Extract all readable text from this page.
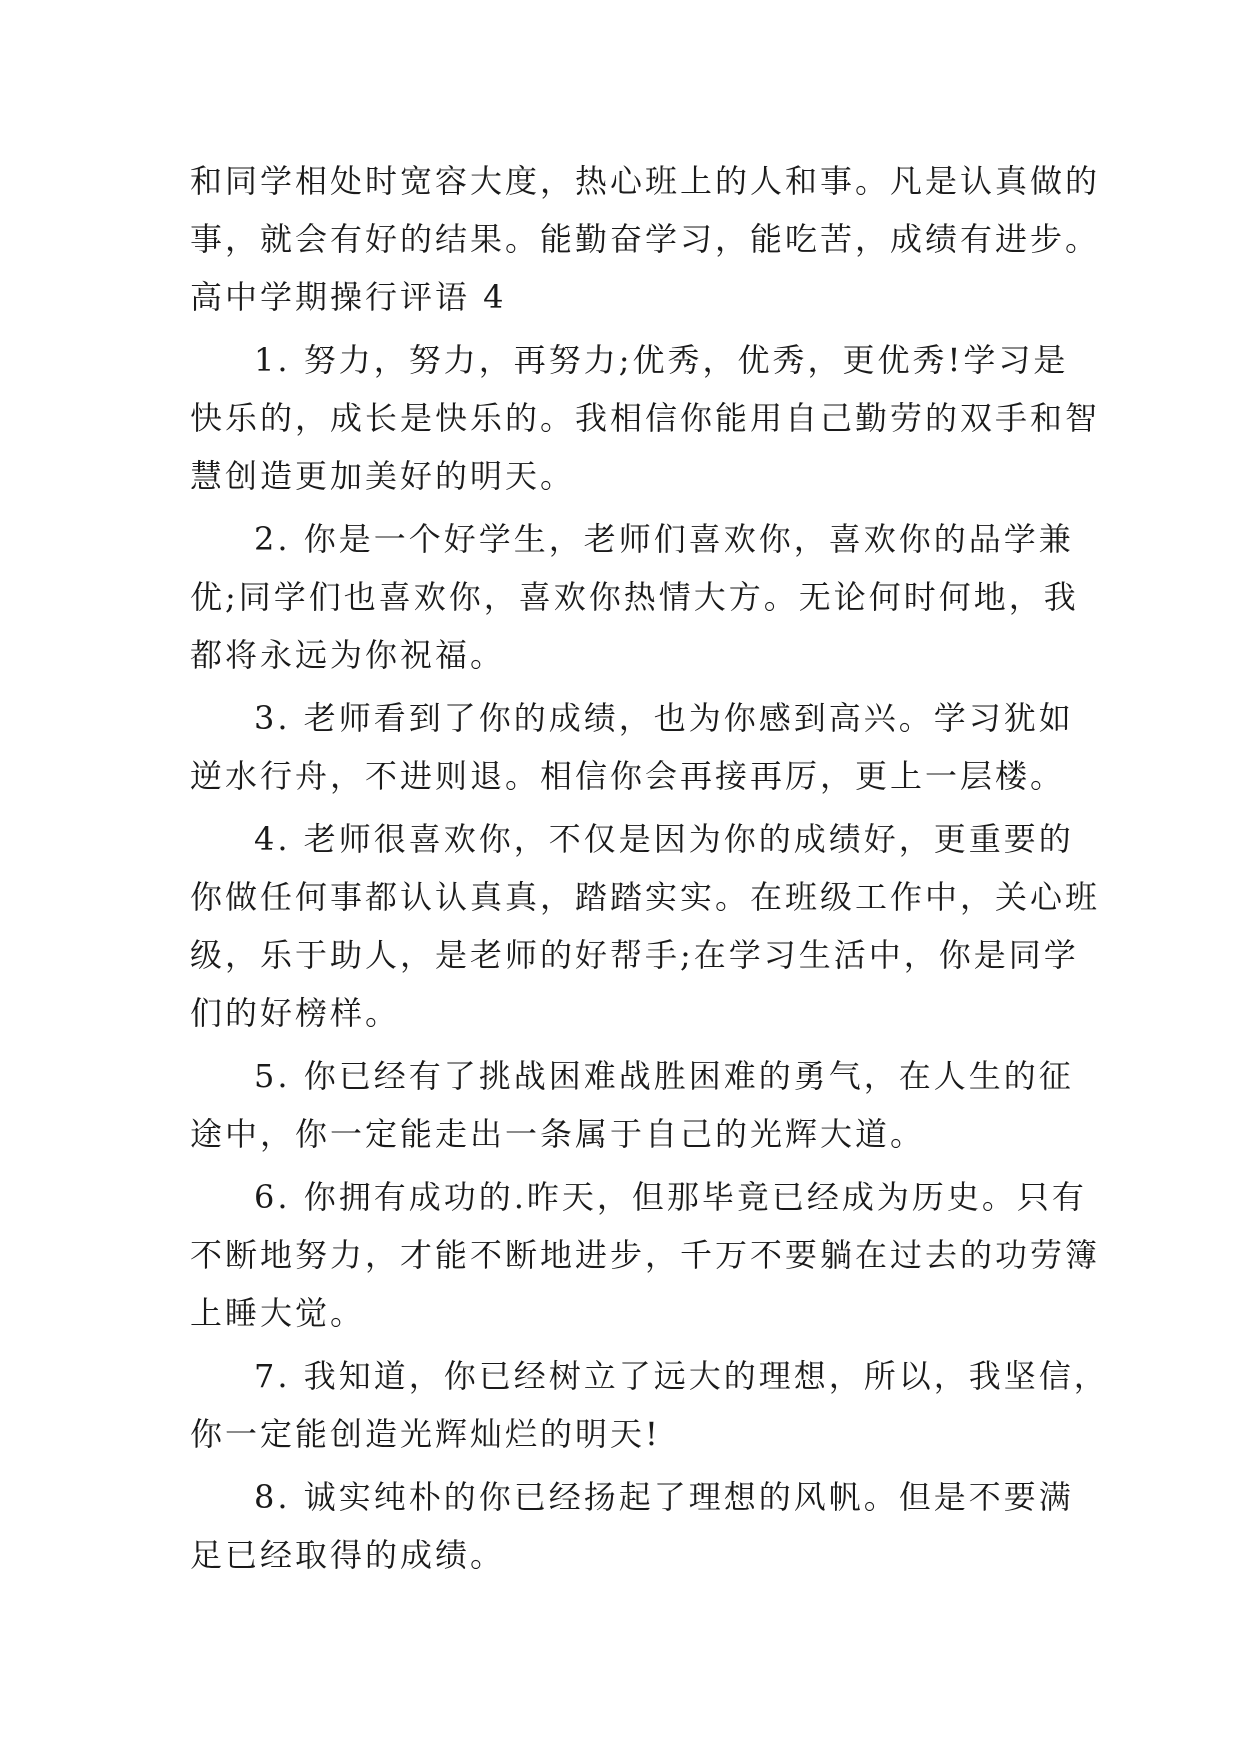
和同学相处时宽容大度，热心班上的人和事。凡是认真做的
事，就会有好的结果。能勤奋学习，能吃苦，成绩有进步。
高中学期操行评语 4
1. 努力，努力，再努力;优秀，优秀，更优秀!学习是
快乐的，成长是快乐的。我相信你能用自己勤劳的双手和智
慧创造更加美好的明天。
2. 你是一个好学生，老师们喜欢你，喜欢你的品学兼
优;同学们也喜欢你，喜欢你热情大方。无论何时何地，我
都将永远为你祝福。
3. 老师看到了你的成绩，也为你感到高兴。学习犹如
逆水行舟，不进则退。相信你会再接再厉，更上一层楼。
4. 老师很喜欢你，不仅是因为你的成绩好，更重要的
你做任何事都认认真真，踏踏实实。在班级工作中，关心班
级，乐于助人，是老师的好帮手;在学习生活中，你是同学
们的好榜样。
5. 你已经有了挑战困难战胜困难的勇气，在人生的征
途中，你一定能走出一条属于自己的光辉大道。
6. 你拥有成功的.昨天，但那毕竟已经成为历史。只有
不断地努力，才能不断地进步，千万不要躺在过去的功劳簿
上睡大觉。
7. 我知道，你已经树立了远大的理想，所以，我坚信，
你一定能创造光辉灿烂的明天!
8. 诚实纯朴的你已经扬起了理想的风帆。但是不要满
足已经取得的成绩。
